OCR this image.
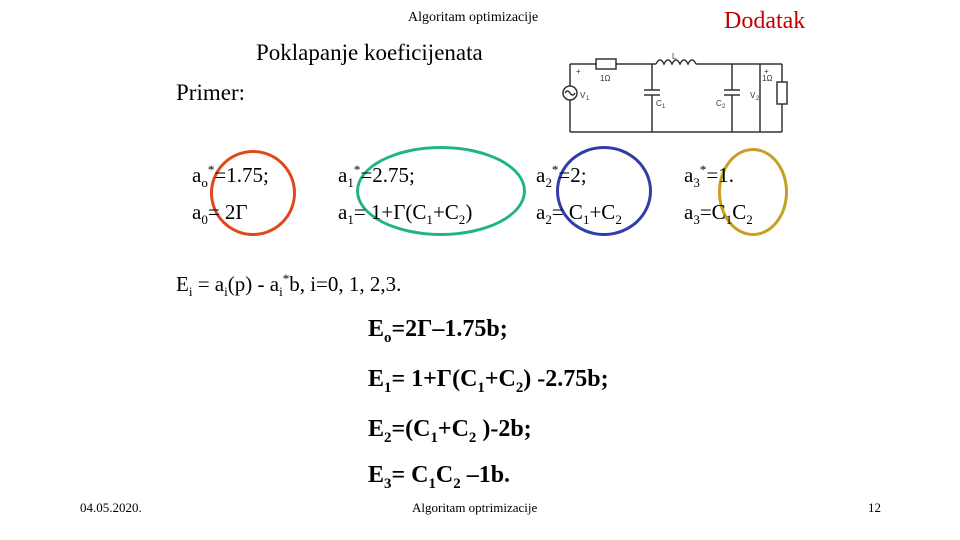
Algoritam optimizacije	Dodatak
Poklapanje koeficijenata
Primer:
1Ω	1Ω
L
C 1	C 2
V 1	V 2
+	+
$a_o^*=1.75$;	$a_1^*=2.75$;	$a_2^*=2$;	$a_3^*=1$.
$a_0= 2\Gamma$	$a_1= 1+\Gamma(C_1+C_2)$	$a_2= C_1+C_2$	$a_3=C_1C_2$
$E_i = a_i(p) - a_i^*b$, i=0, 1, 2,3.
$E_o=2\Gamma-1.75b$;
$E_1= 1+\Gamma(C_1+C_2)$ -2.75b;
$E_2=(C_1+C_2$ )-2b;
$E_3= C_1C_2$ –1b.
04.05.2020.	Algoritam optrimizacije	12
